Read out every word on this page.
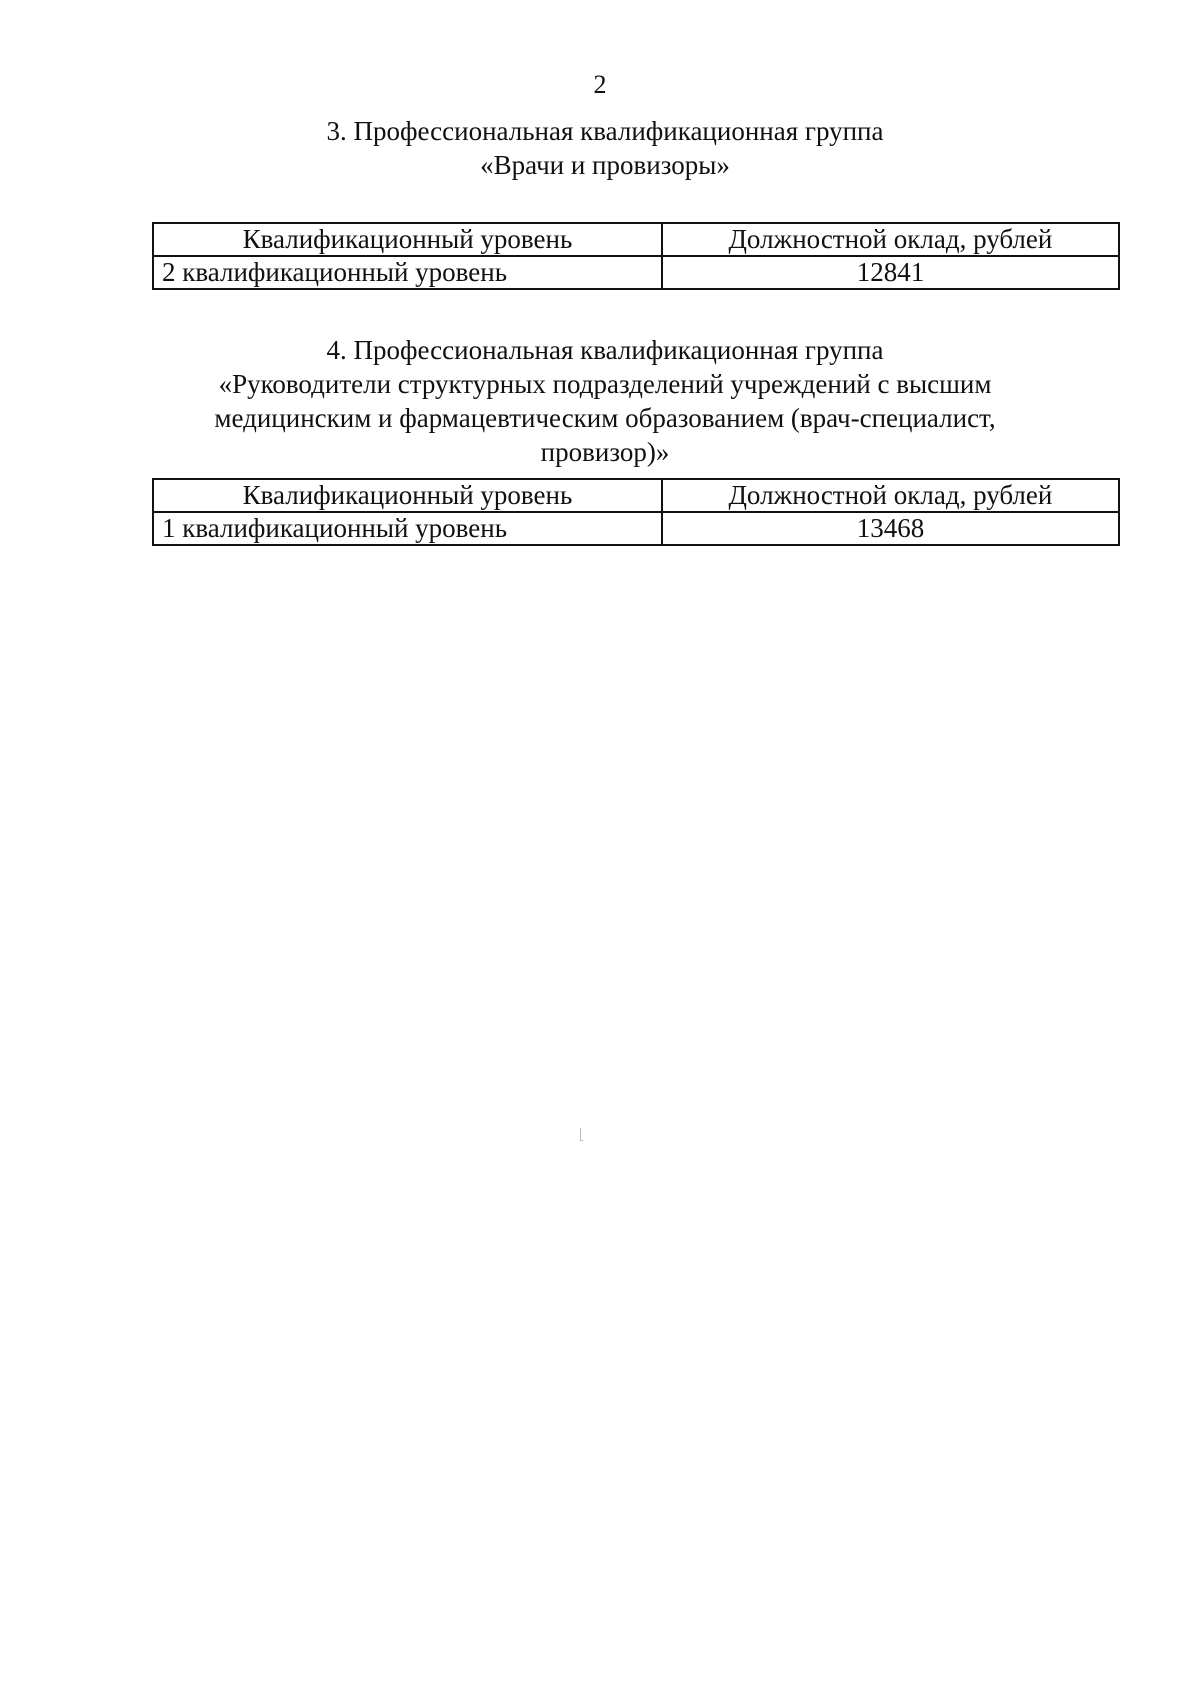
2
3. Профессиональная квалификационная группа
«Врачи и провизоры»
Квалификационный уровень	Должностной оклад, рублей
2 квалификационный уровень	12841
4. Профессиональная квалификационная группа
«Руководители структурных подразделений учреждений с высшим
медицинским и фармацевтическим образованием (врач-специалист, провизор)»
Квалификационный уровень	Должностной оклад, рублей
1 квалификационный уровень	13468
